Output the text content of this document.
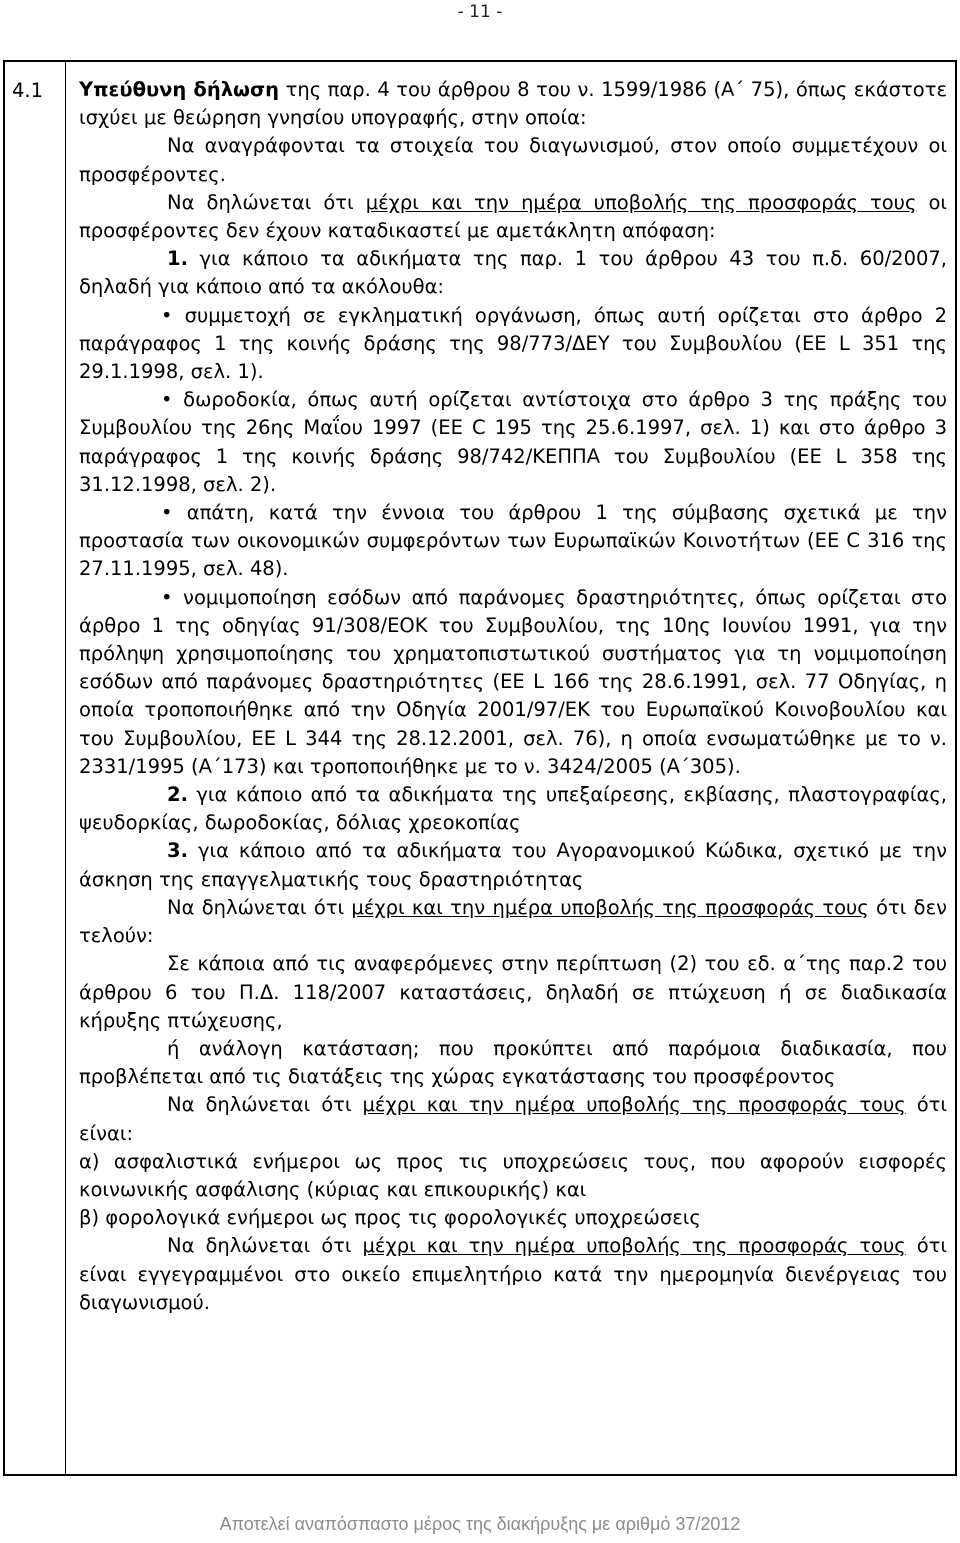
- 11 -
4.1 Υπεύθυνη δήλωση της παρ. 4 του άρθρου 8 του ν. 1599/1986 (Α΄ 75), όπως εκάστοτε ισχύει με θεώρηση γνησίου υπογραφής, στην οποία:

Να αναγράφονται τα στοιχεία του διαγωνισμού, στον οποίο συμμετέχουν οι προσφέροντες.

Να δηλώνεται ότι μέχρι και την ημέρα υποβολής της προσφοράς τους οι προσφέροντες δεν έχουν καταδικαστεί με αμετάκλητη απόφαση:

1. για κάποιο τα αδικήματα της παρ. 1 του άρθρου 43 του π.δ. 60/2007, δηλαδή για κάποιο από τα ακόλουθα:

• συμμετοχή σε εγκληματική οργάνωση, όπως αυτή ορίζεται στο άρθρο 2 παράγραφος 1 της κοινής δράσης της 98/773/ΔΕΥ του Συμβουλίου (ΕΕ L 351 της 29.1.1998, σελ. 1).

• δωροδοκία, όπως αυτή ορίζεται αντίστοιχα στο άρθρο 3 της πράξης του Συμβουλίου της 26ης Μαΐου 1997 (ΕΕ C 195 της 25.6.1997, σελ. 1) και στο άρθρο 3 παράγραφος 1 της κοινής δράσης 98/742/ΚΕΠΠΑ του Συμβουλίου (ΕΕ L 358 της 31.12.1998, σελ. 2).

• απάτη, κατά την έννοια του άρθρου 1 της σύμβασης σχετικά με την προστασία των οικονομικών συμφερόντων των Ευρωπαϊκών Κοινοτήτων (ΕΕ C 316 της 27.11.1995, σελ. 48).

• νομιμοποίηση εσόδων από παράνομες δραστηριότητες, όπως ορίζεται στο άρθρο 1 της οδηγίας 91/308/ΕΟΚ του Συμβουλίου, της 10ης Ιουνίου 1991, για την πρόληψη χρησιμοποίησης του χρηματοπιστωτικού συστήματος για τη νομιμοποίηση εσόδων από παράνομες δραστηριότητες (ΕΕ L 166 της 28.6.1991, σελ. 77 Οδηγίας, η οποία τροποποιήθηκε από την Οδηγία 2001/97/ΕΚ του Ευρωπαϊκού Κοινοβουλίου και του Συμβουλίου, ΕΕ L 344 της 28.12.2001, σελ. 76), η οποία ενσωματώθηκε με το ν. 2331/1995 (Α΄173) και τροποποιήθηκε με το ν. 3424/2005 (Α΄305).

2. για κάποιο από τα αδικήματα της υπεξαίρεσης, εκβίασης, πλαστογραφίας, ψευδορκίας, δωροδοκίας, δόλιας χρεοκοπίας

3. για κάποιο από τα αδικήματα του Αγορανομικού Κώδικα, σχετικό με την άσκηση της επαγγελματικής τους δραστηριότητας

Να δηλώνεται ότι μέχρι και την ημέρα υποβολής της προσφοράς τους ότι δεν τελούν:

Σε κάποια από τις αναφερόμενες στην περίπτωση (2) του εδ. α΄της παρ.2 του άρθρου 6 του Π.Δ. 118/2007 καταστάσεις, δηλαδή σε πτώχευση ή σε διαδικασία κήρυξης πτώχευσης,

ή ανάλογη κατάσταση; που προκύπτει από παρόμοια διαδικασία, που προβλέπεται από τις διατάξεις της χώρας εγκατάστασης του προσφέροντος

Να δηλώνεται ότι μέχρι και την ημέρα υποβολής της προσφοράς τους ότι είναι:

α) ασφαλιστικά ενήμεροι ως προς τις υποχρεώσεις τους, που αφορούν εισφορές κοινωνικής ασφάλισης (κύριας και επικουρικής) και

β) φορολογικά ενήμεροι ως προς τις φορολογικές υποχρεώσεις

Να δηλώνεται ότι μέχρι και την ημέρα υποβολής της προσφοράς τους ότι είναι εγγεγραμμένοι στο οικείο επιμελητήριο κατά την ημερομηνία διενέργειας του διαγωνισμού.

Αποτελεί αναπόσπαστο μέρος της διακήρυξης με αριθμό 37/2012
